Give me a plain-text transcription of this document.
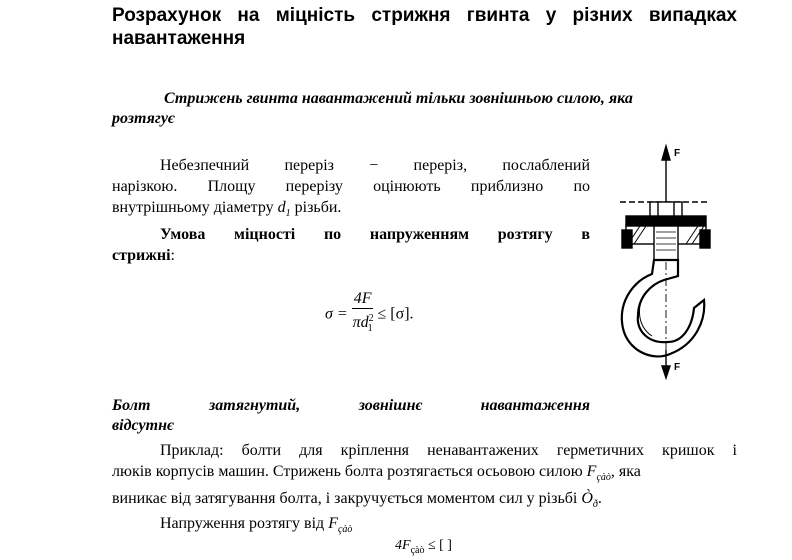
Розрахунок на міцність стрижня гвинта у різних випадках навантаження
Стрижень гвинта навантажений тільки зовнішньою силою, яка
розтягує
Небезпечний переріз − переріз, послаблений
нарізкою. Площу перерізу оцінюють приблизно по
внутрішньому діаметру $d_1$ різьби.
Умова міцності по напруженням розтягу в
стрижні:
$\sigma = \frac{4F}{\pi d^2_1} \le [\sigma]$.
F
F
Болт затягнутий, зовнішнє навантаження
відсутнє
Приклад: болти для кріплення ненавантажених герметичних кришок і
люків корпусів машин. Стрижень болта розтягається осьовою силою $F_{çàò}$, яка
виникає від затягування болта, і закручується моментом сил у різьбі $Ò_ð$.
Напруження розтягу від $F_{çàò}$
$4F_{çàò}$ ≤ [ ]
